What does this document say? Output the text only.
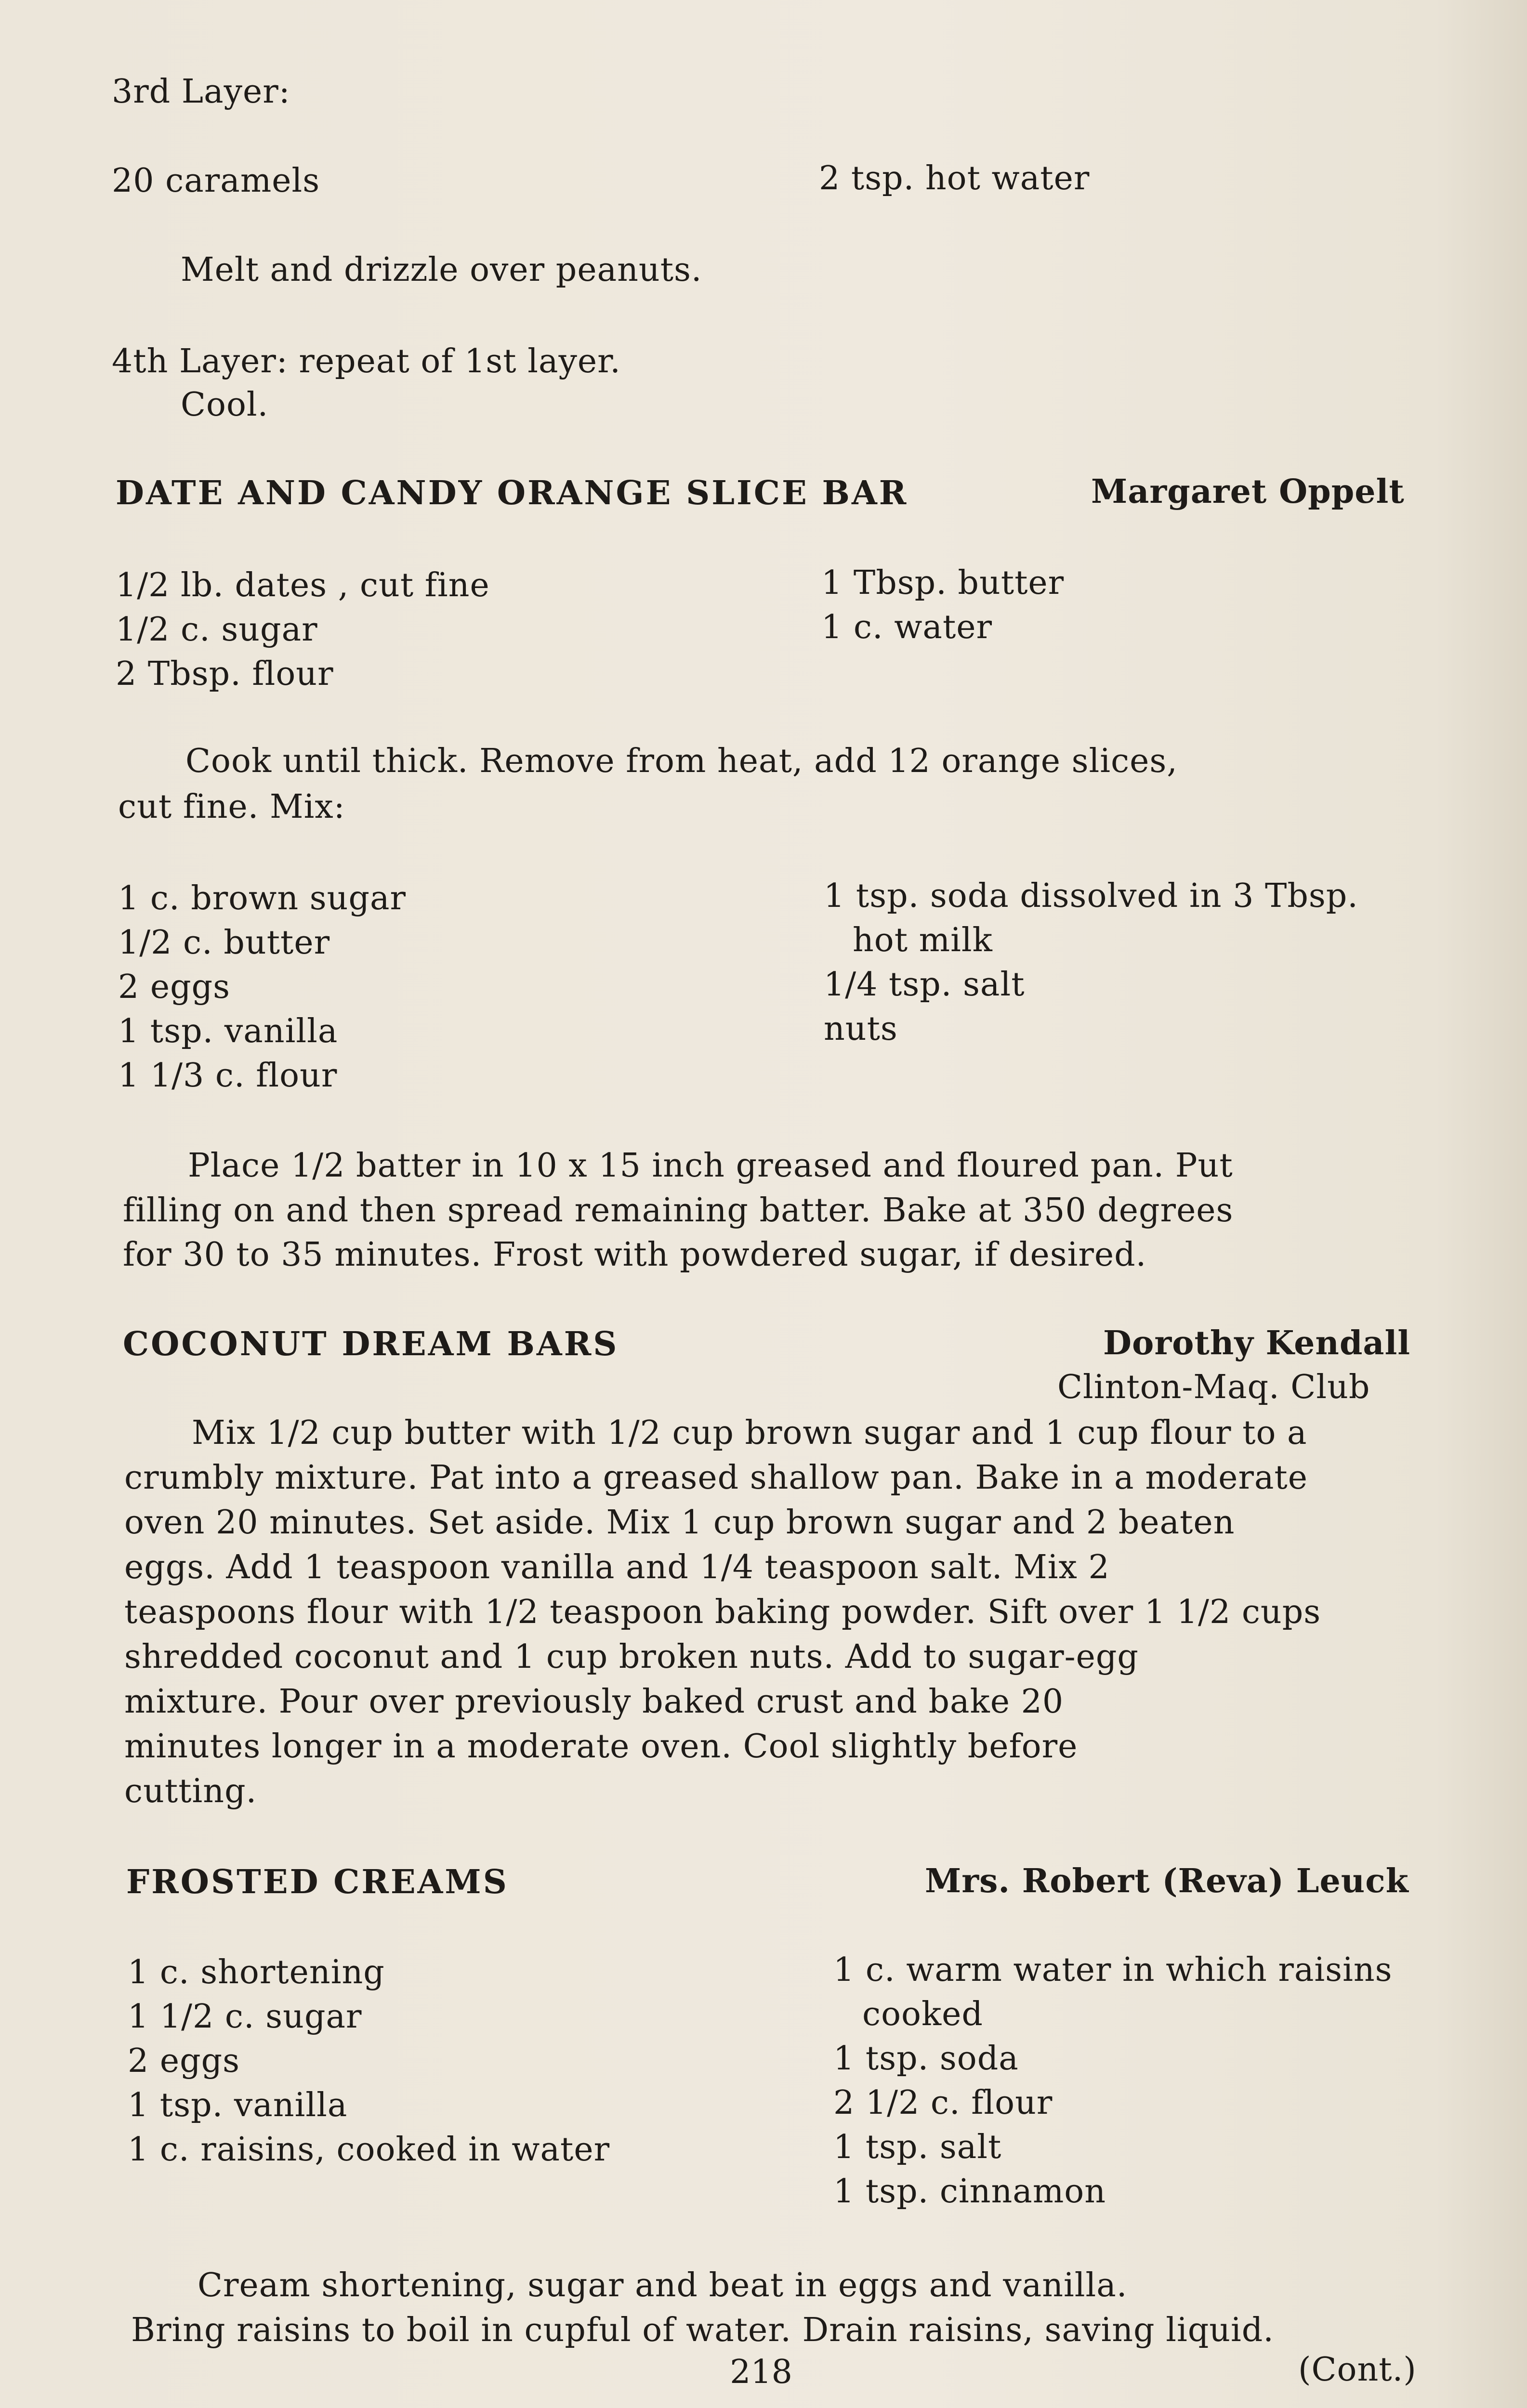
3rd Layer:
20 caramels	2 tsp. hot water
Melt and drizzle over peanuts.
4th Layer: repeat of 1st layer.
Cool.
DATE AND CANDY ORANGE SLICE BAR	Margaret Oppelt
1/2 lb. dates , cut fine
1/2 c. sugar
2 Tbsp. flour
1 Tbsp. butter
1 c. water
Cook until thick. Remove from heat, add 12 orange slices,
cut fine. Mix:
1 c. brown sugar
1/2 c. butter
2 eggs
1 tsp. vanilla
1 1/3 c. flour
1 tsp. soda dissolved in 3 Tbsp.
hot milk
1/4 tsp. salt
nuts
Place 1/2 batter in 10 x 15 inch greased and floured pan. Put
filling on and then spread remaining batter. Bake at 350 degrees
for 30 to 35 minutes. Frost with powdered sugar, if desired.
COCONUT DREAM BARS	Dorothy Kendall
Clinton-Maq. Club
Mix 1/2 cup butter with 1/2 cup brown sugar and 1 cup flour to a
crumbly mixture. Pat into a greased shallow pan. Bake in a moderate
oven 20 minutes. Set aside. Mix 1 cup brown sugar and 2 beaten
eggs. Add 1 teaspoon vanilla and 1/4 teaspoon salt. Mix 2
teaspoons flour with 1/2 teaspoon baking powder. Sift over 1 1/2 cups
shredded coconut and 1 cup broken nuts. Add to sugar-egg
mixture. Pour over previously baked crust and bake 20
minutes longer in a moderate oven. Cool slightly before
cutting.
FROSTED CREAMS	Mrs. Robert (Reva) Leuck
1 c. shortening
1 1/2 c. sugar
2 eggs
1 tsp. vanilla
1 c. raisins, cooked in water
1 c. warm water in which raisins
cooked
1 tsp. soda
2 1/2 c. flour
1 tsp. salt
1 tsp. cinnamon
Cream shortening, sugar and beat in eggs and vanilla.
Bring raisins to boil in cupful of water. Drain raisins, saving liquid.
218	(Cont.)
